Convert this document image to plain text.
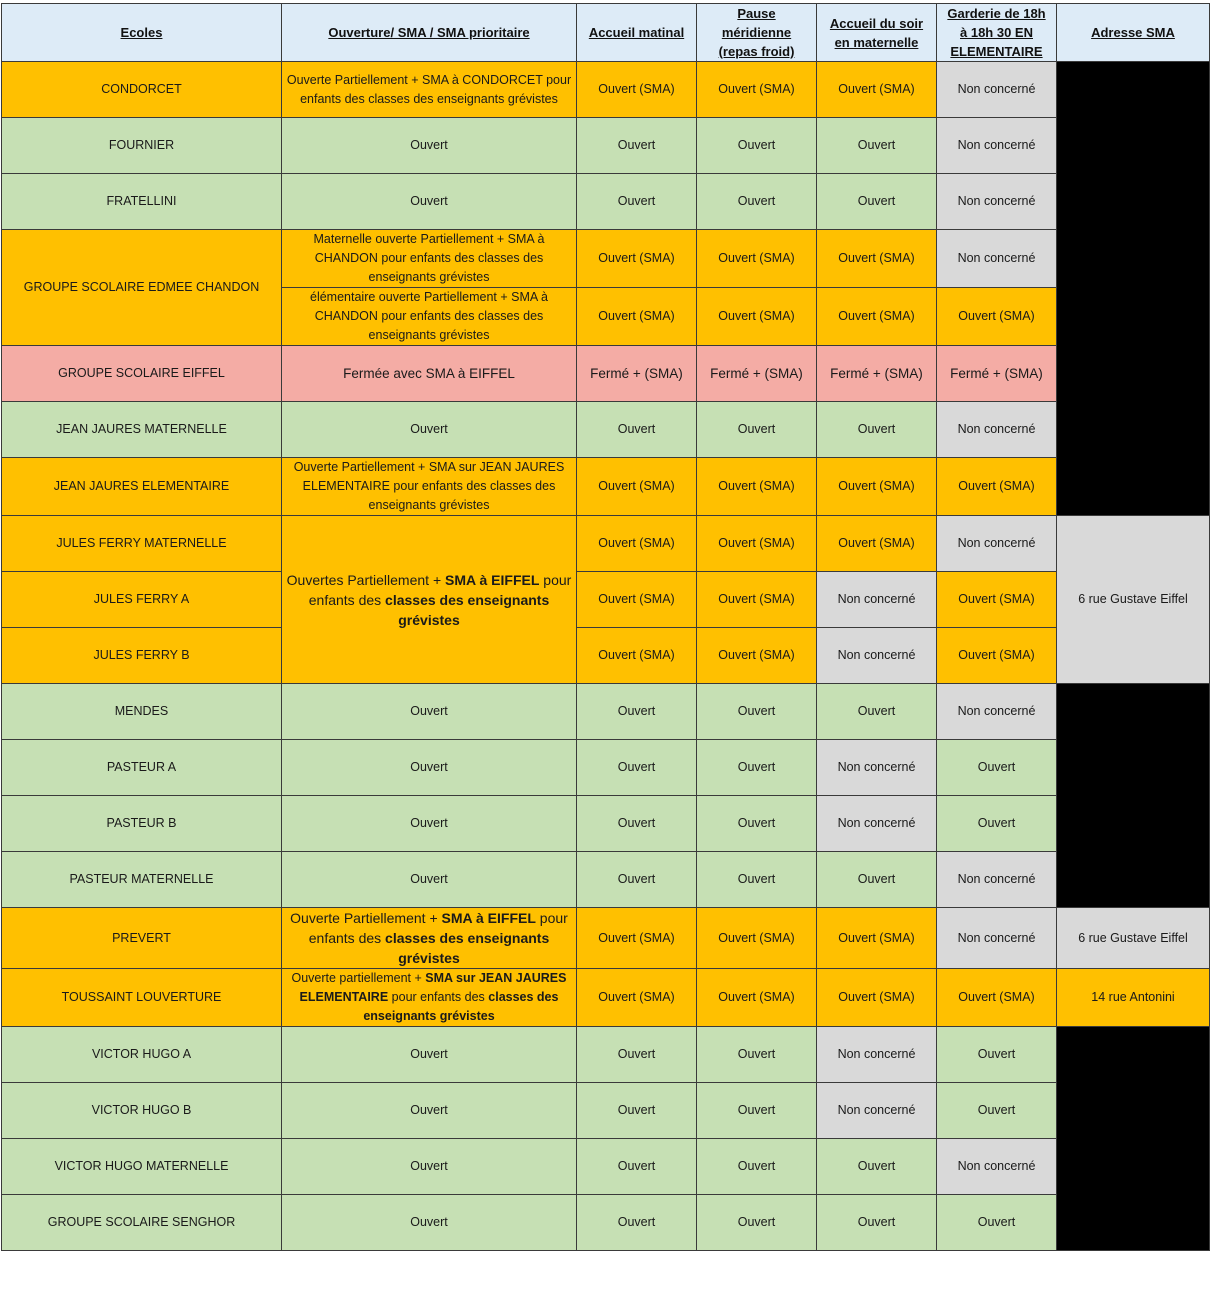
Ecoles	Ouverture/ SMA / SMA prioritaire	Accueil matinal	Pause
méridienne
(repas froid)	Accueil du soir
en maternelle	Garderie de 18h
à 18h 30 EN
ELEMENTAIRE	Adresse SMA
CONDORCET	Ouverte Partiellement + SMA à CONDORCET pour enfants des classes des enseignants grévistes	Ouvert (SMA)	Ouvert (SMA)	Ouvert (SMA)	Non concerné	
FOURNIER	Ouvert	Ouvert	Ouvert	Ouvert	Non concerné	
FRATELLINI	Ouvert	Ouvert	Ouvert	Ouvert	Non concerné	
GROUPE SCOLAIRE EDMEE CHANDON	Maternelle ouverte Partiellement + SMA à CHANDON pour enfants des classes des enseignants grévistes	Ouvert (SMA)	Ouvert (SMA)	Ouvert (SMA)	Non concerné	
	élémentaire ouverte Partiellement + SMA à CHANDON pour enfants des classes des enseignants grévistes	Ouvert (SMA)	Ouvert (SMA)	Ouvert (SMA)	Ouvert (SMA)	
GROUPE SCOLAIRE EIFFEL	Fermée avec SMA à EIFFEL	Fermé + (SMA)	Fermé + (SMA)	Fermé + (SMA)	Fermé + (SMA)	
JEAN JAURES MATERNELLE	Ouvert	Ouvert	Ouvert	Ouvert	Non concerné	
JEAN JAURES ELEMENTAIRE	Ouverte Partiellement + SMA sur JEAN JAURES ELEMENTAIRE pour enfants des classes des enseignants grévistes	Ouvert (SMA)	Ouvert (SMA)	Ouvert (SMA)	Ouvert (SMA)	
JULES FERRY MATERNELLE	Ouvertes Partiellement + SMA à EIFFEL pour enfants des classes des enseignants grévistes	Ouvert (SMA)	Ouvert (SMA)	Ouvert (SMA)	Non concerné	6 rue Gustave Eiffel
JULES FERRY A		Ouvert (SMA)	Ouvert (SMA)	Non concerné	Ouvert (SMA)	
JULES FERRY B		Ouvert (SMA)	Ouvert (SMA)	Non concerné	Ouvert (SMA)	
MENDES	Ouvert	Ouvert	Ouvert	Ouvert	Non concerné	
PASTEUR A	Ouvert	Ouvert	Ouvert	Non concerné	Ouvert	
PASTEUR B	Ouvert	Ouvert	Ouvert	Non concerné	Ouvert	
PASTEUR MATERNELLE	Ouvert	Ouvert	Ouvert	Ouvert	Non concerné	
PREVERT	Ouverte Partiellement + SMA à EIFFEL pour enfants des classes des enseignants grévistes	Ouvert (SMA)	Ouvert (SMA)	Ouvert (SMA)	Non concerné	6 rue Gustave Eiffel
TOUSSAINT LOUVERTURE	Ouverte partiellement + SMA sur JEAN JAURES ELEMENTAIRE pour enfants des classes des enseignants grévistes	Ouvert (SMA)	Ouvert (SMA)	Ouvert (SMA)	Ouvert (SMA)	14 rue Antonini
VICTOR HUGO A	Ouvert	Ouvert	Ouvert	Non concerné	Ouvert	
VICTOR HUGO B	Ouvert	Ouvert	Ouvert	Non concerné	Ouvert	
VICTOR HUGO MATERNELLE	Ouvert	Ouvert	Ouvert	Ouvert	Non concerné	
GROUPE SCOLAIRE SENGHOR	Ouvert	Ouvert	Ouvert	Ouvert	Ouvert	
